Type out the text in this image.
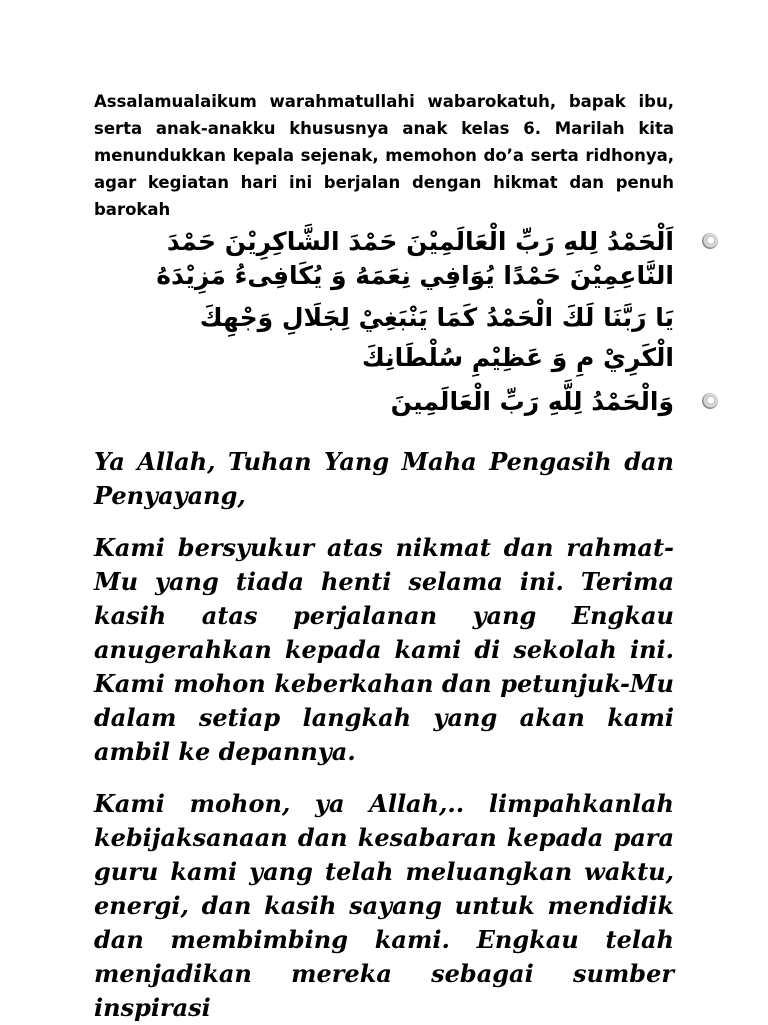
Assalamualaikum warahmatullahi wabarokatuh, bapak ibu, serta anak-anakku khususnya anak kelas 6. Marilah kita menundukkan kepala sejenak, memohon do’a serta ridhonya, agar kegiatan hari ini berjalan dengan hikmat dan penuh barokah

اَلْحَمْدُ لِلهِ رَبِّ الْعَالَمِيْنَ حَمْدَ الشَّاكِرِيْنَ حَمْدَ

النَّاعِمِيْنَ حَمْدًا يُوَافِي نِعَمَهُ وَ يُكَافِىءُ مَزِيْدَهُ

يَا رَبَّنَا لَكَ الْحَمْدُ كَمَا يَنْبَغِيْ لِجَلَالِ وَجْهِكَ

الْكَرِيْ مِ وَ عَظِيْمِ سُلْطَانِكَ

وَالْحَمْدُ لِلَّهِ رَبِّ الْعَالَمِينَ

Ya Allah, Tuhan Yang Maha Pengasih dan Penyayang,

Kami bersyukur atas nikmat dan rahmat-Mu yang tiada henti selama ini. Terima kasih atas perjalanan yang Engkau anugerahkan kepada kami di sekolah ini. Kami mohon keberkahan dan petunjuk-Mu dalam setiap langkah yang akan kami ambil ke depannya.

Kami mohon, ya Allah,.. limpahkanlah kebijaksanaan dan kesabaran kepada para guru kami yang telah meluangkan waktu, energi, dan kasih sayang untuk mendidik dan membimbing kami. Engkau telah menjadikan mereka sebagai sumber inspirasi
